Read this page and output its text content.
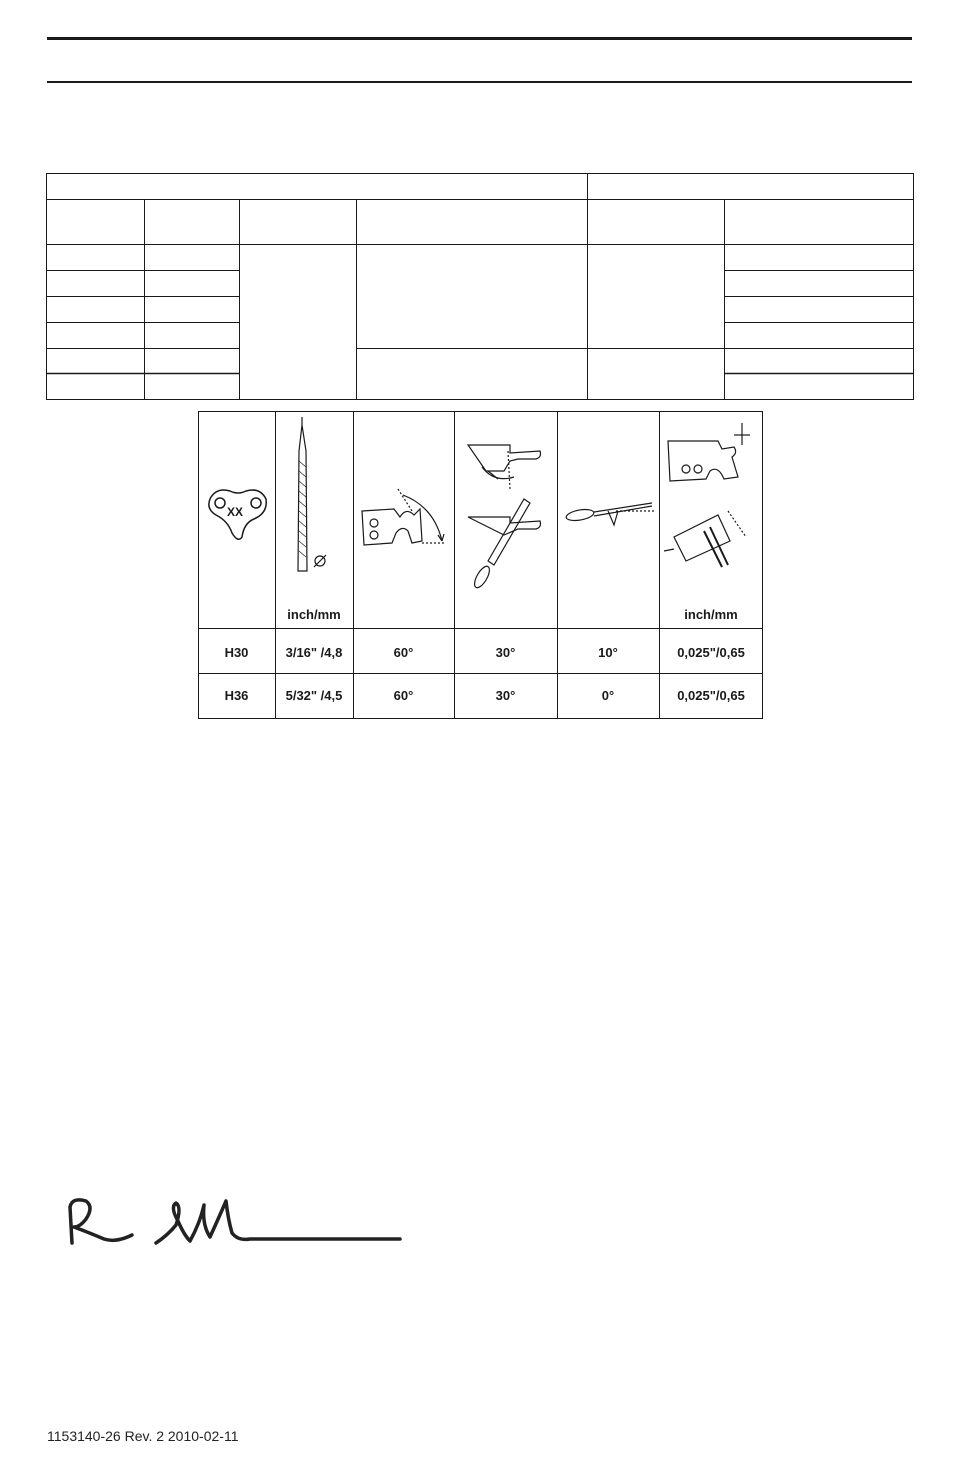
XX
inch/mm	inch/mm
H30	3/16" /4,8	60°	30°	10°	0,025"/0,65
H36	5/32" /4,5	60°	30°	0°	0,025"/0,65
1153140-26 Rev. 2 2010-02-11
